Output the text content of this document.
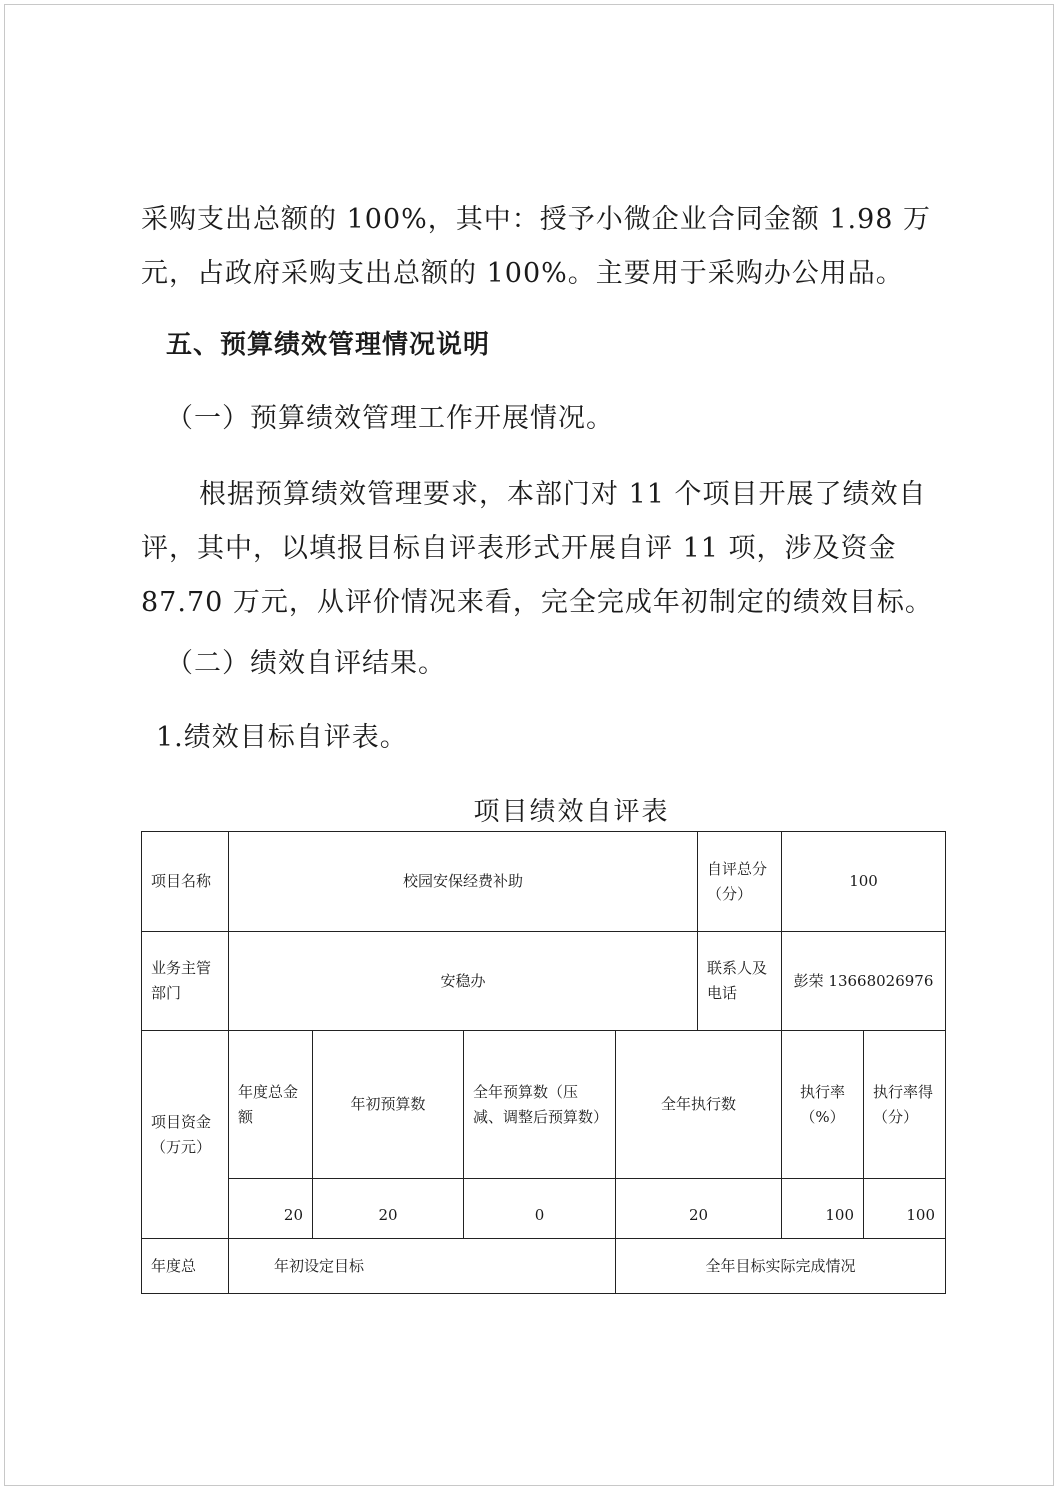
采购支出总额的 100%，其中：授予小微企业合同金额 1.98 万
元，占政府采购支出总额的 100%。主要用于采购办公用品。

五、预算绩效管理情况说明

（一）预算绩效管理工作开展情况。

根据预算绩效管理要求，本部门对 11 个项目开展了绩效自
评，其中，以填报目标自评表形式开展自评 11 项，涉及资金
87.70 万元，从评价情况来看，完全完成年初制定的绩效目标。

（二）绩效自评结果。

1.绩效目标自评表。

项目绩效自评表

项目名称	校园安保经费补助				自评总分（分）	100	
业务主管部门	安稳办				联系人及电话	彭荣 13668026976	
项目资金（万元）	年度总金额	年初预算数	全年预算数（压减、调整后预算数）	全年执行数		执行率（%）	执行率得（分）
	20	20	0	20		100	100
年度总	年初设定目标			全年目标实际完成情况			
